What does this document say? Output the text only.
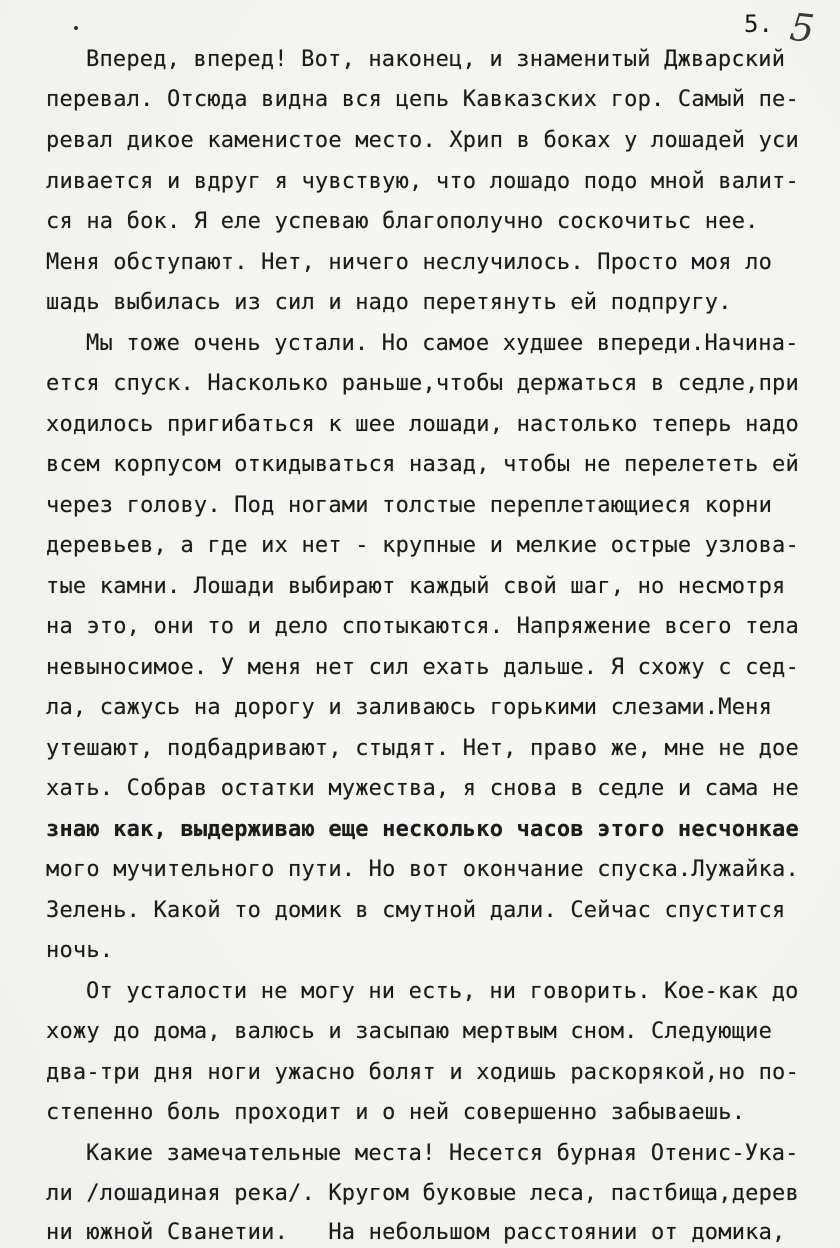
5. 5
Вперед, вперед! Вот, наконец, и знаменитый Джварский
перевал. Отсюда видна вся цепь Кавказских гор. Самый пе-
ревал дикое каменистое место. Хрип в боках у лошадей уси
ливается и вдруг я чувствую, что лошадо подо мной валит-
ся на бок. Я еле успеваю благополучно соскочитьс нее.
Меня обступают. Нет, ничего неслучилось. Просто моя ло
шадь выбилась из сил и надо перетянуть ей подпругу.
Мы тоже очень устали. Но самое худшее впереди.Начина-
ется спуск. Насколько раньше,чтобы держаться в седле,при
ходилось пригибаться к шее лошади, настолько теперь надо
всем корпусом откидываться назад, чтобы не перелететь ей
через голову. Под ногами толстые переплетающиеся корни
деревьев, а где их нет - крупные и мелкие острые узлова-
тые камни. Лошади выбирают каждый свой шаг, но несмотря
на это, они то и дело спотыкаются. Напряжение всего тела
невыносимое. У меня нет сил ехать дальше. Я схожу с сед-
ла, сажусь на дорогу и заливаюсь горькими слезами.Меня
утешают, подбадривают, стыдят. Нет, право же, мне не дое
хать. Собрав остатки мужества, я снова в седле и сама не
знаю как, выдерживаю еще несколько часов этого несчонкае
мого мучительного пути. Но вот окончание спуска.Лужайка.
Зелень. Какой то домик в смутной дали. Сейчас спустится
ночь.
От усталости не могу ни есть, ни говорить. Кое-как до
хожу до дома, валюсь и засыпаю мертвым сном. Следующие
два-три дня ноги ужасно болят и ходишь раскорякой,но по-
степенно боль проходит и о ней совершенно забываешь.
Какие замечательные места! Несется бурная Отенис-Ука-
ли /лошадиная река/. Кругом буковые леса, пастбища,дерев
ни южной Сванетии.   На небольшом расстоянии от домика,
